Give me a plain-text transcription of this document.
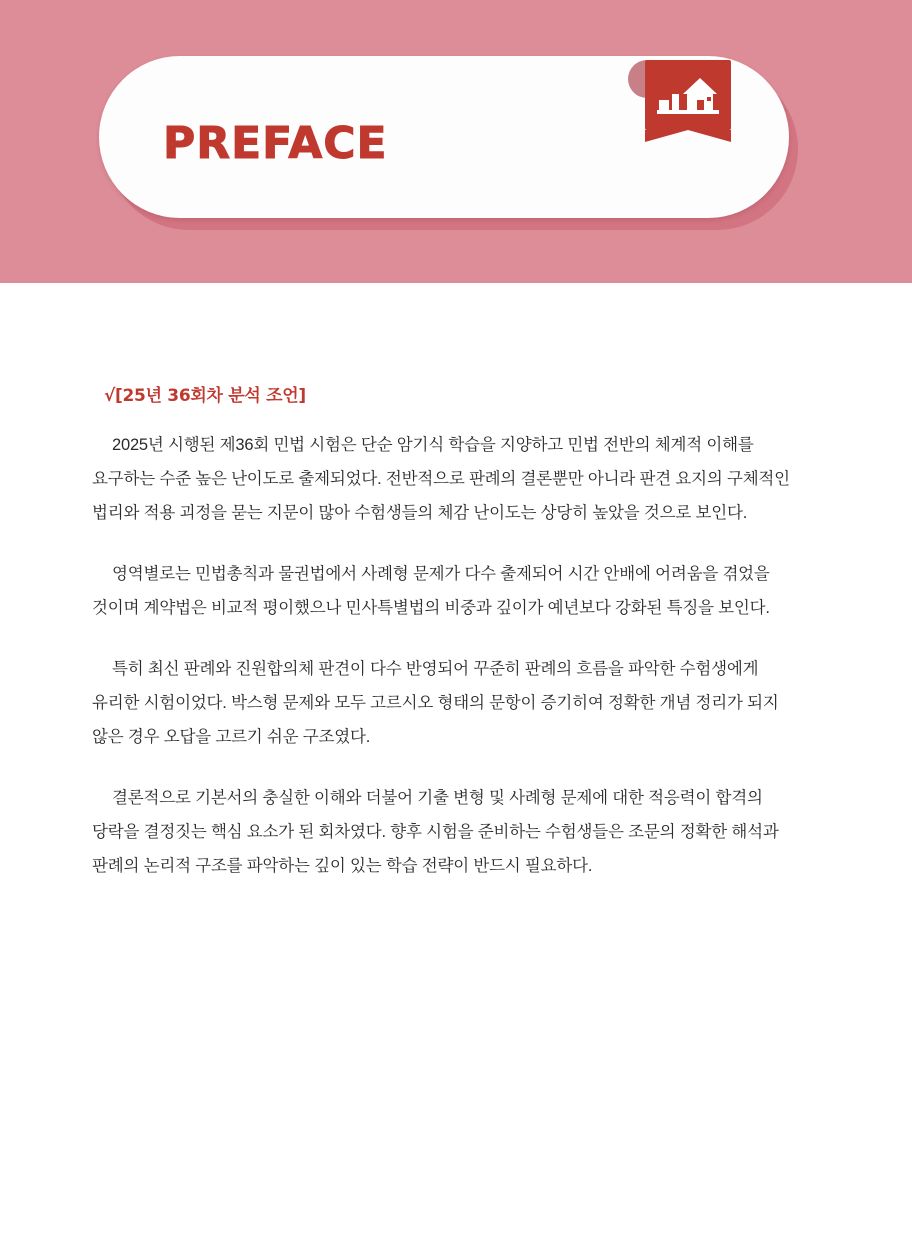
PREFACE
√[25년 36회차 분석 조언]

2025년 시행된 제36회 민법 시험은 단순 암기식 학습을 지양하고 민법 전반의 체계적 이해를 요구하는 수준 높은 난이도로 출제되었다. 전반적으로 판례의 결론뿐만 아니라 판견 요지의 구체적인 법리와 적용 괴정을 묻는 지문이 많아 수험생들의 체감 난이도는 상당히 높았을 것으로 보인다.

영역별로는 민법총칙과 물권법에서 사례형 문제가 다수 출제되어 시간 안배에 어려움을 겪었을 것이며 계약법은 비교적 평이했으나 민사특별법의 비중과 깊이가 예년보다 강화된 특징을 보인다.

특히 최신 판례와 진원합의체 판견이 다수 반영되어 꾸준히 판례의 흐름을 파악한 수험생에게 유리한 시험이었다. 박스형 문제와 모두 고르시오 형태의 문항이 증기히여 정확한 개념 정리가 되지 않은 경우 오답을 고르기 쉬운 구조였다.

결론적으로 기본서의 충실한 이해와 더불어 기출 변형 및 사례형 문제에 대한 적응력이 합격의 당락을 결정짓는 핵심 요소가 된 회차였다. 향후 시험을 준비하는 수험생들은 조문의 정확한 해석과 판례의 논리적 구조를 파악하는 깊이 있는 학습 전략이 반드시 필요하다.
